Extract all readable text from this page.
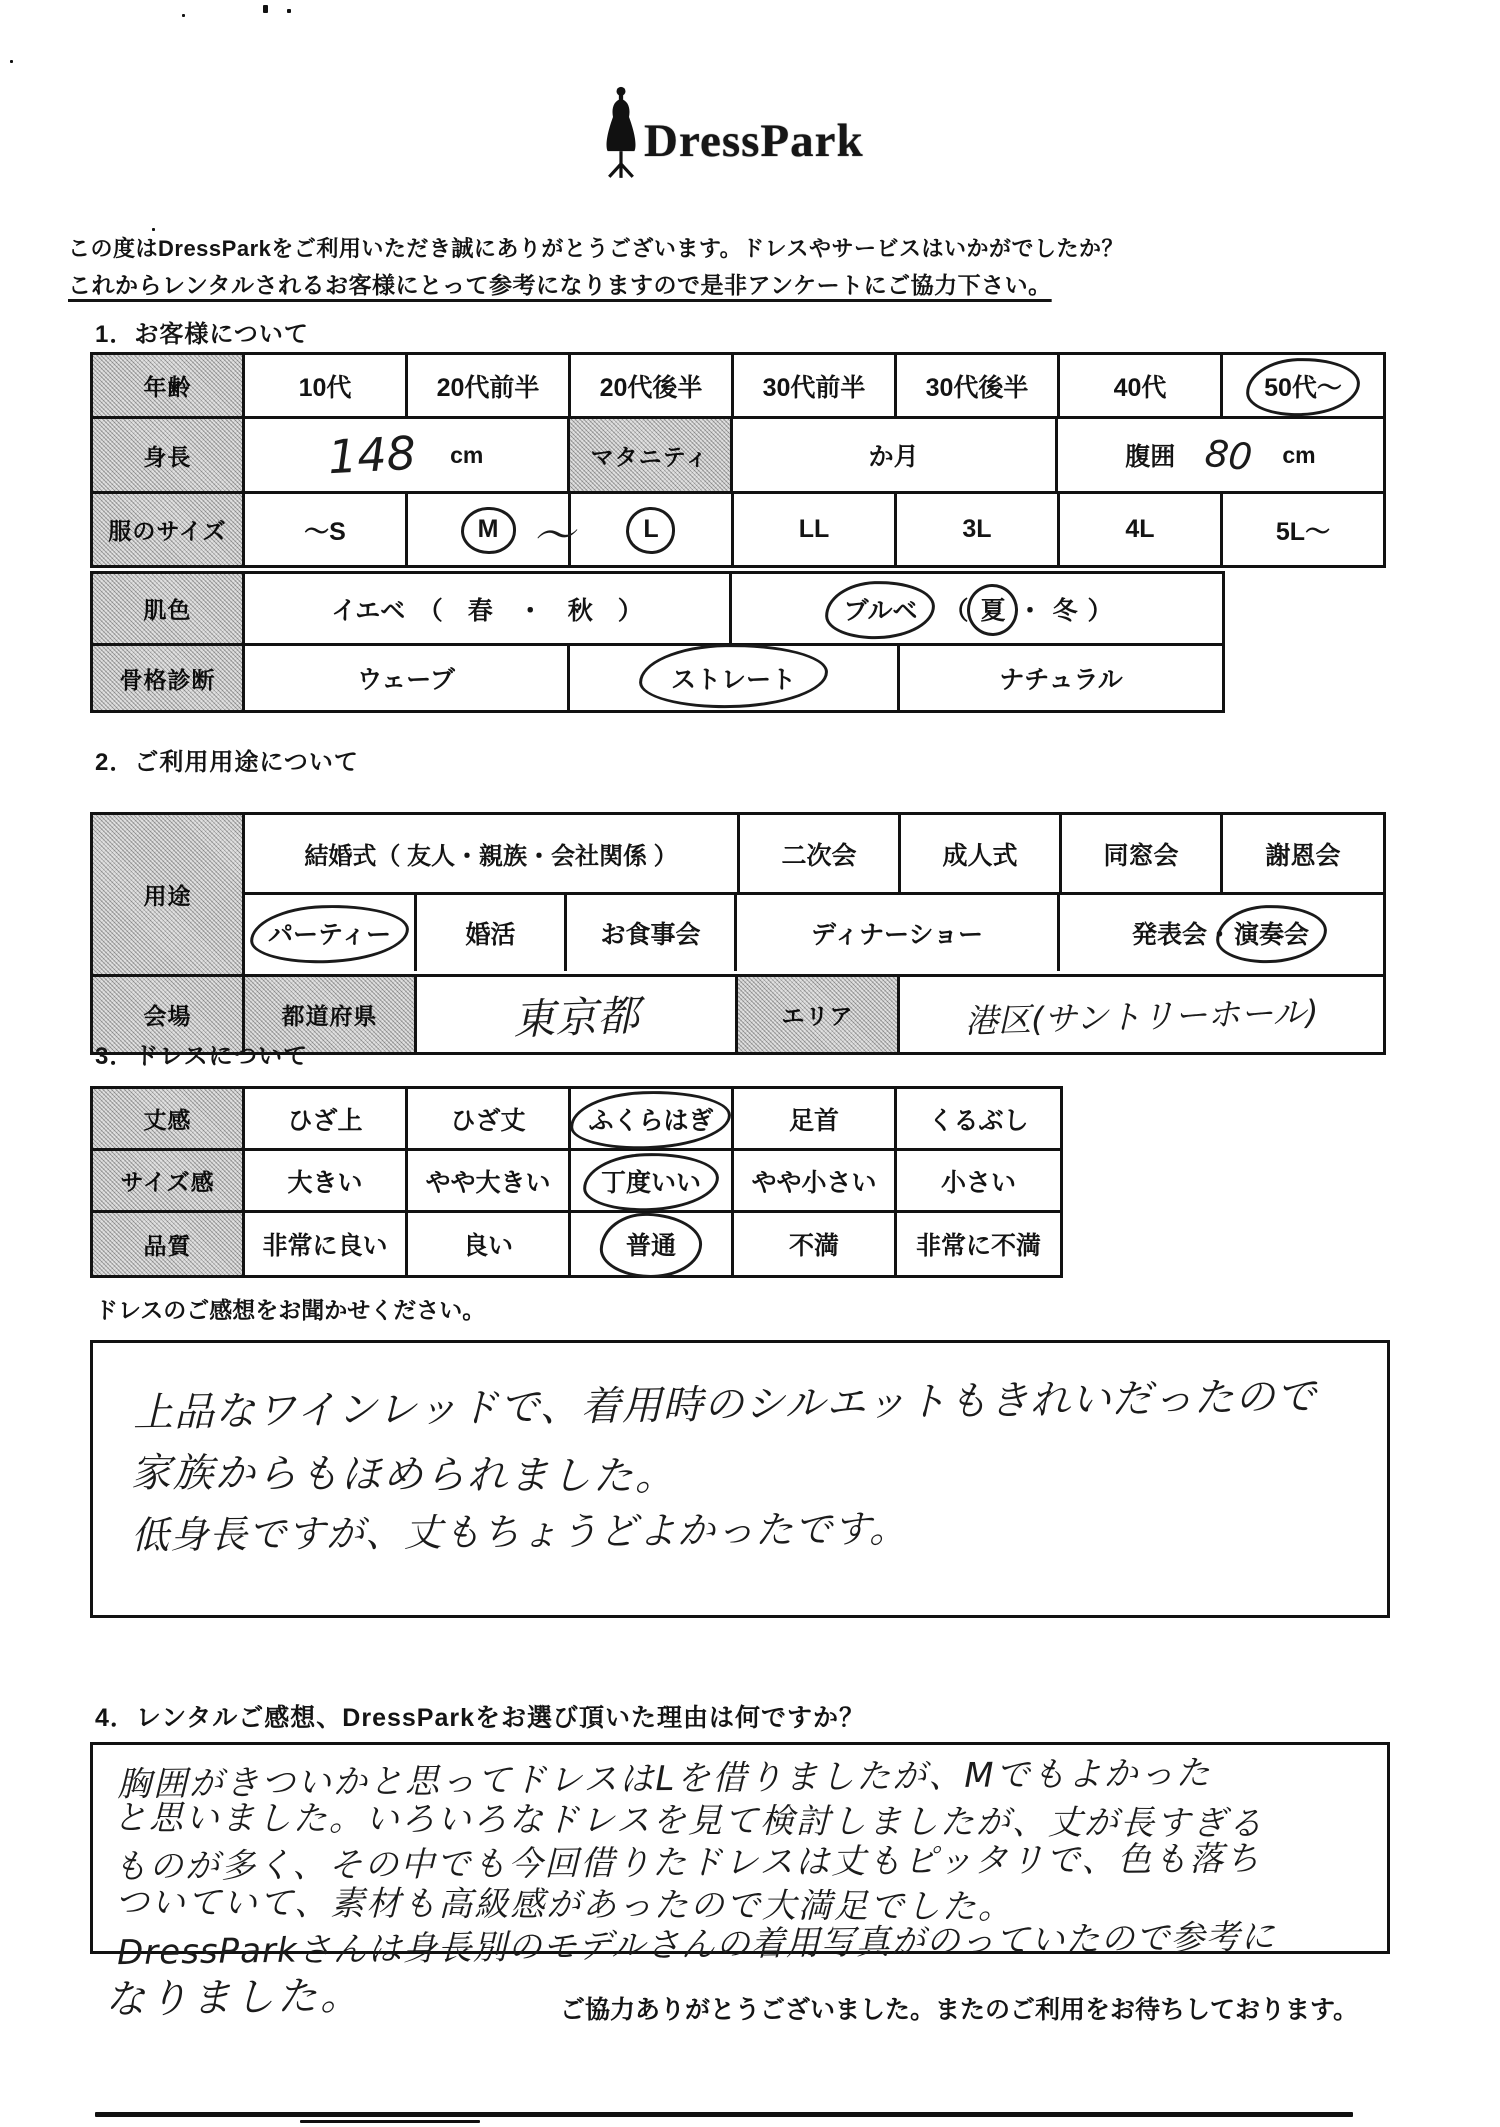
DressPark
この度はDressParkをご利用いただき誠にありがとうございます。ドレスやサービスはいかがでしたか？
これからレンタルされるお客様にとって参考になりますので是非アンケートにご協力下さい。
1．お客様について
年齢	10代	20代前半	20代後半	30代前半	30代後半	40代	50代～
身長	148 cm	マタニティ	か月	腹囲 80 cm
服のサイズ	～S	M	L	LL	3L	4L	5L～
～
肌色	イエベ　（　春　・　秋　）	ブルベ （ 夏 ・ 冬 ）
骨格診断	ウェーブ	ストレート	ナチュラル
2．ご利用用途について
用途
結婚式（ 友人・親族・会社関係 ）	二次会	成人式	同窓会	謝恩会
パーティー	婚活	お食事会	ディナーショー	発表会・ 演奏会
会場	都道府県	東京都	エリア	港区(サントリーホール)
3．ドレスについて
丈感	ひざ上	ひざ丈	ふくらはぎ	足首	くるぶし
サイズ感	大きい	やや大きい	丁度いい	やや小さい	小さい
品質	非常に良い	良い	普通	不満	非常に不満
ドレスのご感想をお聞かせください。
上品なワインレッドで、着用時のシルエットもきれいだったので
家族からもほめられました。
低身長ですが、丈もちょうどよかったです。
4．レンタルご感想、DressParkをお選び頂いた理由は何ですか？
胸囲がきついかと思ってドレスはLを借りましたが、Mでもよかった
と思いました。いろいろなドレスを見て検討しましたが、丈が長すぎる
ものが多く、その中でも今回借りたドレスは丈もピッタリで、色も落ち
ついていて、素材も高級感があったので大満足でした。
DressParkさんは身長別のモデルさんの着用写真がのっていたので参考に
なりました。	ご協力ありがとうございました。またのご利用をお待ちしております。
